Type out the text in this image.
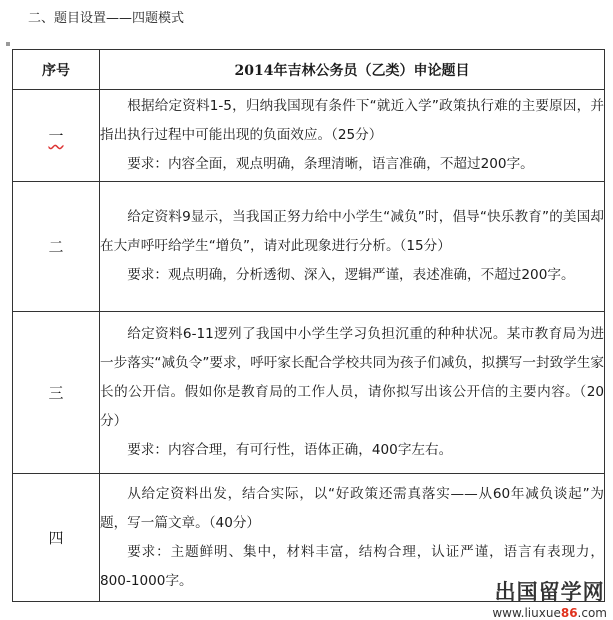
二、题目设置——四题模式
序号	2014年吉林公务员（乙类）申论题目
一	根据给定资料1-5，归纳我国现有条件下“就近入学”政策执行难的主要原因，并指出执行过程中可能出现的负面效应。（25分）

要求：内容全面，观点明确，条理清晰，语言准确，不超过200字。

二	给定资料9显示，当我国正努力给中小学生“减负”时，倡导“快乐教育”的美国却在大声呼吁给学生“增负”，请对此现象进行分析。（15分）

要求：观点明确，分析透彻、深入，逻辑严谨，表述准确，不超过200字。

三	给定资料6-11逻列了我国中小学生学习负担沉重的种种状况。某市教育局为进一步落实“减负令”要求，呼吁家长配合学校共同为孩子们减负，拟撰写一封致学生家长的公开信。假如你是教育局的工作人员，请你拟写出该公开信的主要内容。（20分）

要求：内容合理，有可行性，语体正确，400字左右。

四	从给定资料出发，结合实际，以“好政策还需真落实——从60年减负谈起”为题，写一篇文章。（40分）

要求：主题鲜明、集中，材料丰富，结构合理，认证严谨，语言有表现力，800-1000字。	出国留学网
www.liuxue86.com
